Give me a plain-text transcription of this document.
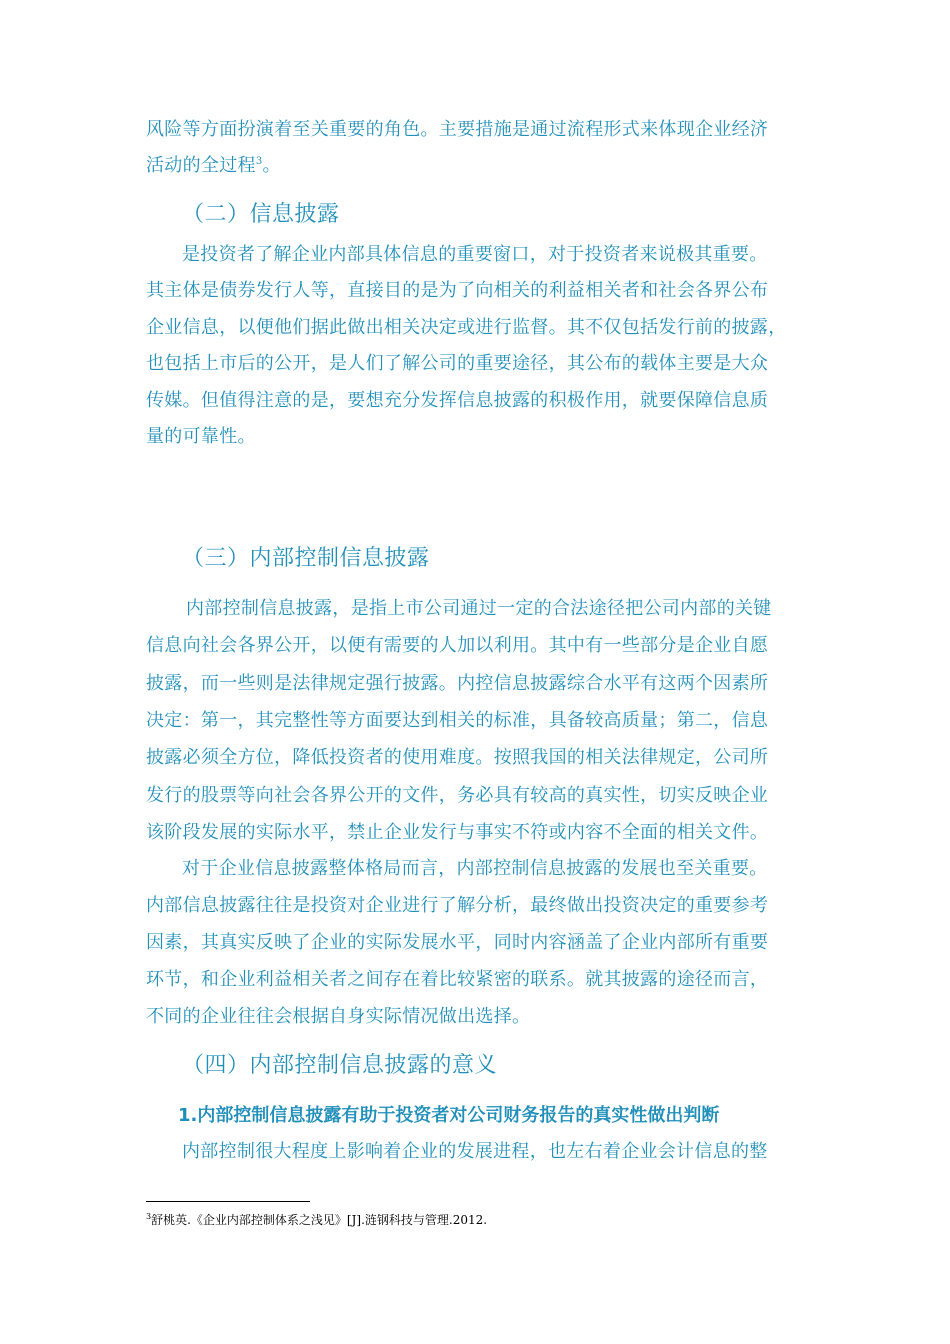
风险等方面扮演着至关重要的角色。主要措施是通过流程形式来体现企业经济
活动的全过程$^3$。
（二）信息披露
是投资者了解企业内部具体信息的重要窗口，对于投资者来说极其重要。
其主体是债券发行人等，直接目的是为了向相关的利益相关者和社会各界公布
企业信息，以便他们据此做出相关决定或进行监督。其不仅包括发行前的披露，
也包括上市后的公开，是人们了解公司的重要途径，其公布的载体主要是大众
传媒。但值得注意的是，要想充分发挥信息披露的积极作用，就要保障信息质
量的可靠性。
（三）内部控制信息披露
内部控制信息披露，是指上市公司通过一定的合法途径把公司内部的关键
信息向社会各界公开，以便有需要的人加以利用。其中有一些部分是企业自愿
披露，而一些则是法律规定强行披露。内控信息披露综合水平有这两个因素所
决定：第一，其完整性等方面要达到相关的标准，具备较高质量；第二，信息
披露必须全方位，降低投资者的使用难度。按照我国的相关法律规定，公司所
发行的股票等向社会各界公开的文件，务必具有较高的真实性，切实反映企业
该阶段发展的实际水平，禁止企业发行与事实不符或内容不全面的相关文件。
对于企业信息披露整体格局而言，内部控制信息披露的发展也至关重要。
内部信息披露往往是投资对企业进行了解分析，最终做出投资决定的重要参考
因素，其真实反映了企业的实际发展水平，同时内容涵盖了企业内部所有重要
环节，和企业利益相关者之间存在着比较紧密的联系。就其披露的途径而言，
不同的企业往往会根据自身实际情况做出选择。
（四）内部控制信息披露的意义
1.内部控制信息披露有助于投资者对公司财务报告的真实性做出判断
内部控制很大程度上影响着企业的发展进程，也左右着企业会计信息的整
$^3$舒桃英.《企业内部控制体系之浅见》[J].涟钢科技与管理.2012.
